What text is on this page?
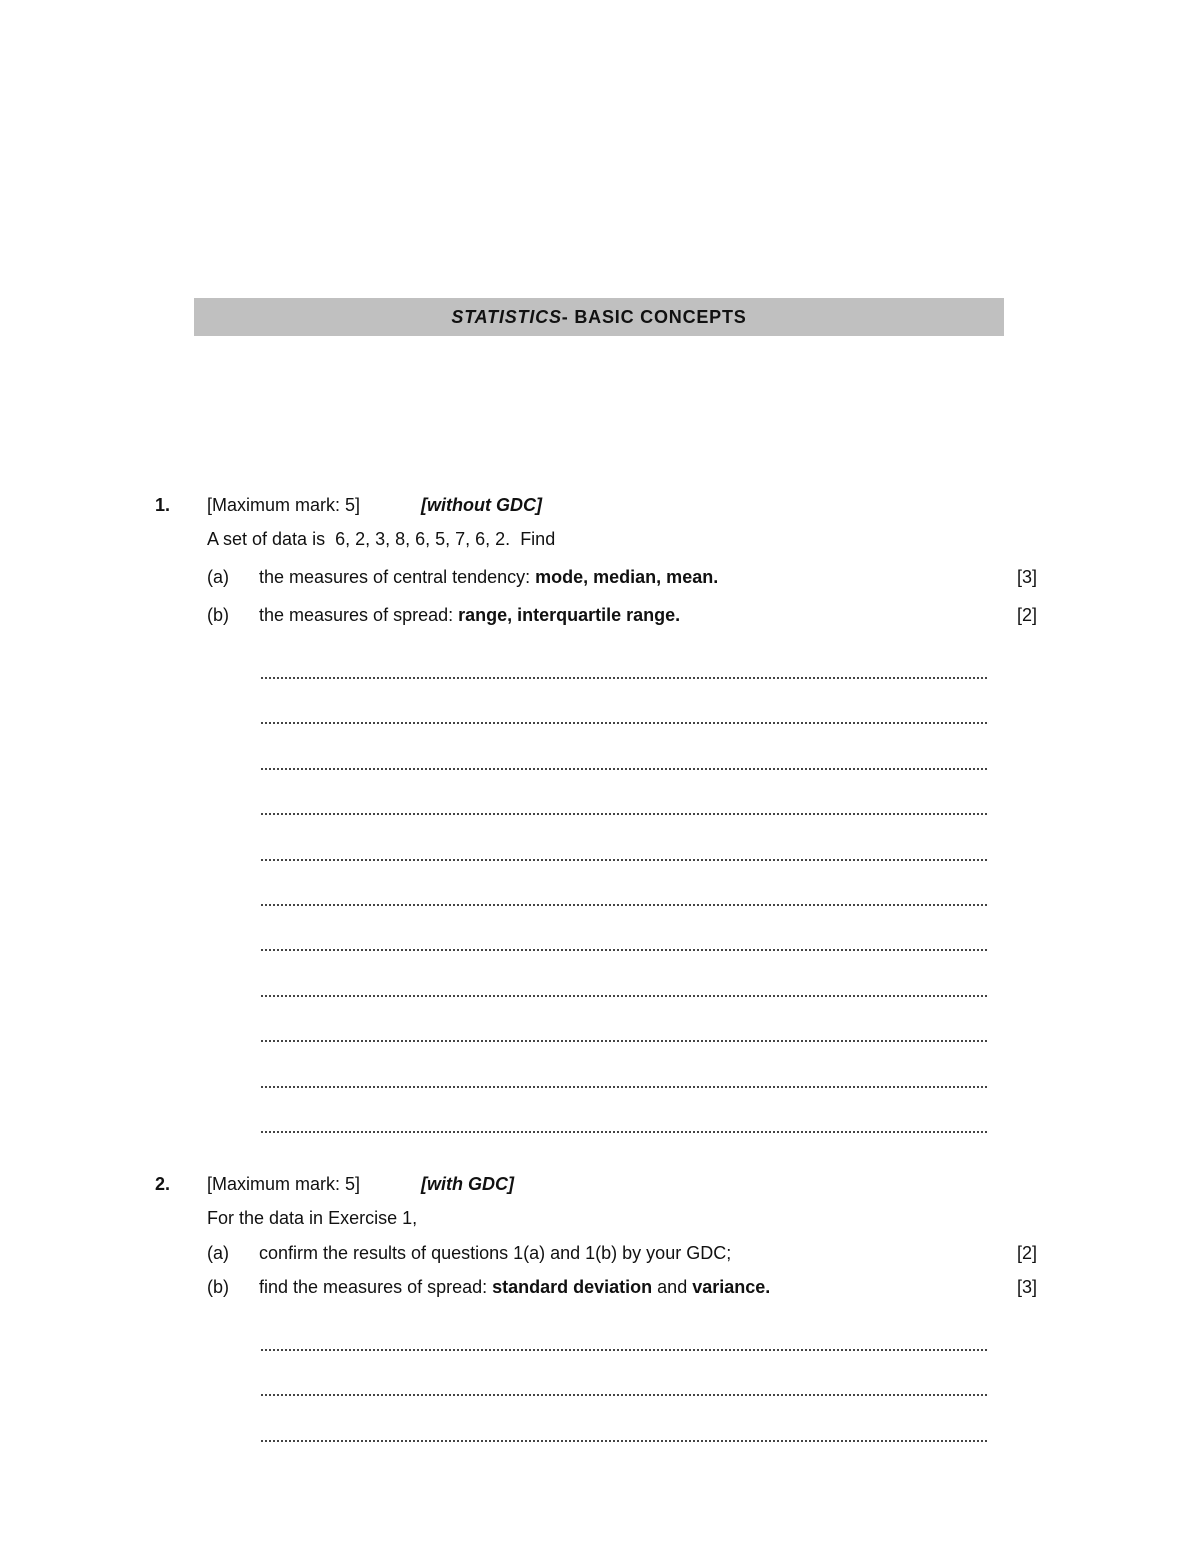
STATISTICS - BASIC CONCEPTS
1. [Maximum mark: 5]	[without GDC]
A set of data is  6, 2, 3, 8, 6, 5, 7, 6, 2.  Find
(a) the measures of central tendency: mode, median, mean.	[3]
(b) the measures of spread: range, interquartile range.	[2]
2. [Maximum mark: 5]	[with GDC]
For the data in Exercise 1,
(a) confirm the results of questions 1(a) and 1(b) by your GDC;	[2]
(b) find the measures of spread: standard deviation and variance.	[3]
